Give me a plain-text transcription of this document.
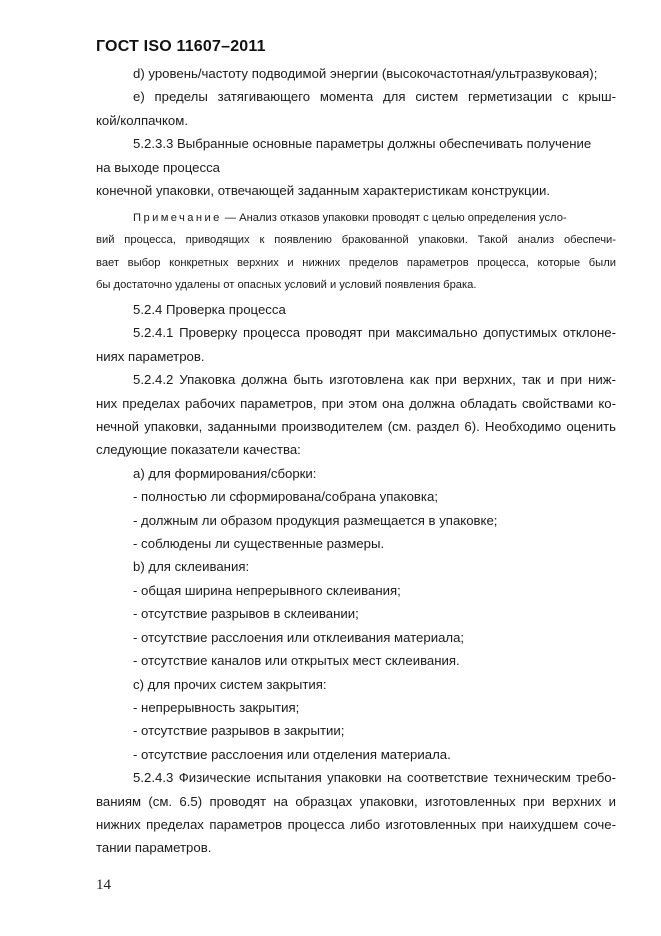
ГОСТ ISO 11607–2011
d) уровень/частоту подводимой энергии (высокочастотная/ультразвуковая);
e) пределы затягивающего момента для систем герметизации с крыш-
кой/колпачком.
5.2.3.3 Выбранные основные параметры должны обеспечивать получение
на выходе процесса
конечной упаковки, отвечающей заданным характеристикам конструкции.
Примечание — Анализ отказов упаковки проводят с целью определения усло-
вий процесса, приводящих к появлению бракованной упаковки. Такой анализ обеспечи-
вает выбор конкретных верхних и нижних пределов параметров процесса, которые были
бы достаточно удалены от опасных условий и условий появления брака.
5.2.4 Проверка процесса
5.2.4.1 Проверку процесса проводят при максимально допустимых отклоне-
ниях параметров.
5.2.4.2 Упаковка должна быть изготовлена как при верхних, так и при ниж-
них пределах рабочих параметров, при этом она должна обладать свойствами ко-
нечной упаковки, заданными производителем (см. раздел 6). Необходимо оценить
следующие показатели качества:
a) для формирования/сборки:
- полностью ли сформирована/собрана упаковка;
- должным ли образом продукция размещается в упаковке;
- соблюдены ли существенные размеры.
b) для склеивания:
- общая ширина непрерывного склеивания;
- отсутствие разрывов в склеивании;
- отсутствие расслоения или отклеивания материала;
- отсутствие каналов или открытых мест склеивания.
c) для прочих систем закрытия:
- непрерывность закрытия;
- отсутствие разрывов в закрытии;
- отсутствие расслоения или отделения материала.
5.2.4.3 Физические испытания упаковки на соответствие техническим требо-
ваниям (см. 6.5) проводят на образцах упаковки, изготовленных при верхних и
нижних пределах параметров процесса либо изготовленных при наихудшем соче-
тании параметров.
14
